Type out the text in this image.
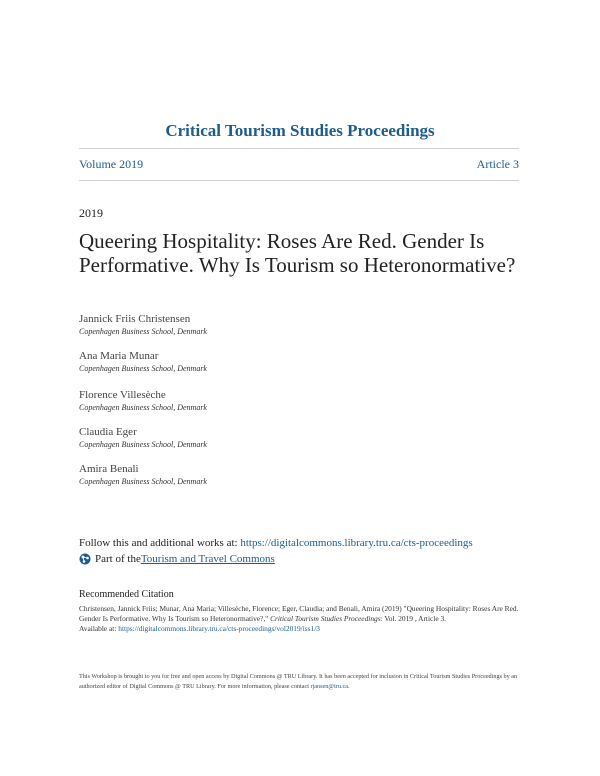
Critical Tourism Studies Proceedings
Volume 2019	Article 3
2019
Queering Hospitality: Roses Are Red. Gender Is Performative. Why Is Tourism so Heteronormative?
Jannick Friis Christensen
Copenhagen Business School, Denmark
Ana Maria Munar
Copenhagen Business School, Denmark
Florence Villesèche
Copenhagen Business School, Denmark
Claudia Eger
Copenhagen Business School, Denmark
Amira Benali
Copenhagen Business School, Denmark
Follow this and additional works at: https://digitalcommons.library.tru.ca/cts-proceedings
Part of the Tourism and Travel Commons
Recommended Citation
Christensen, Jannick Friis; Munar, Ana Maria; Villesèche, Florence; Eger, Claudia; and Benali, Amira (2019) "Queering Hospitality: Roses Are Red. Gender Is Performative. Why Is Tourism so Heteronormative?," Critical Tourism Studies Proceedings: Vol. 2019 , Article 3.
Available at: https://digitalcommons.library.tru.ca/cts-proceedings/vol2019/iss1/3
This Workshop is brought to you for free and open access by Digital Commons @ TRU Library. It has been accepted for inclusion in Critical Tourism Studies Proceedings by an authorized editor of Digital Commons @ TRU Library. For more information, please contact rjansen@tru.ca.
